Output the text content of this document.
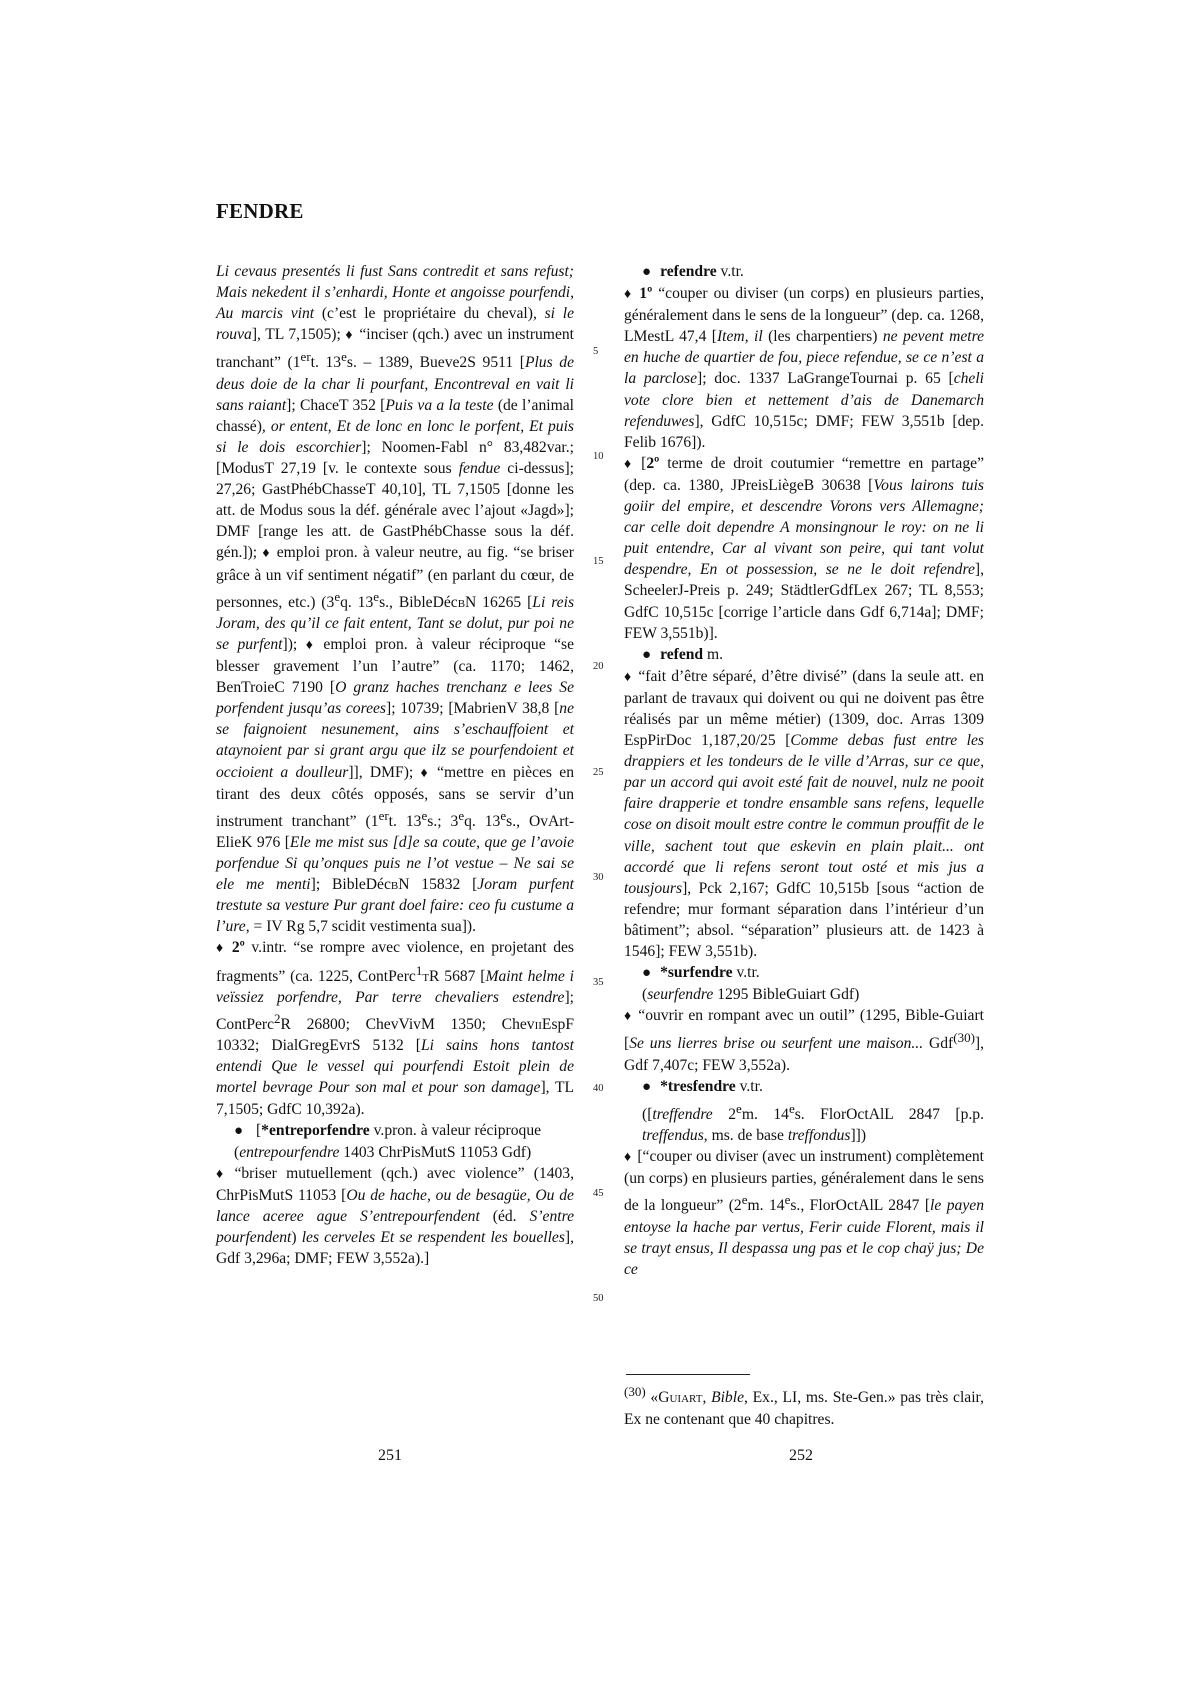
FENDRE

Li cevaus presentés li fust Sans contredit et sans refust; Mais nekedent il s’enhardi, Honte et angoisse pourfendi, Au marcis vint (c’est le propriétaire du cheval), si le rouva], TL 7,1505); ♦ “inciser (qch.) avec un instrument tranchant” (1ert. 13es. – 1389, Bueve2S 9511 [Plus de deus doie de la char li pourfant, Encontreval en vait li sans raiant]; ChaceT 352 [Puis va a la teste (de l’animal chassé), or entent, Et de lonc en lonc le porfent, Et puis si le dois escorchier]; Noomen-Fabl n° 83,482var.; [ModusT 27,19 [v. le contexte sous fendue ci-dessus]; 27,26; GastPhébChasseT 40,10], TL 7,1505 [donne les att. de Modus sous la déf. générale avec l’ajout «Jagd»]; DMF [range les att. de GastPhébChasse sous la déf. gén.]); ♦ emploi pron. à valeur neutre, au fig. “se briser grâce à un vif sentiment négatif” (en parlant du cœur, de personnes, etc.) (3eq. 13es., BibleDécbN 16265 [Li reis Joram, des qu’il ce fait entent, Tant se dolut, pur poi ne se purfent]); ♦ emploi pron. à valeur réciproque “se blesser gravement l’un l’autre” (ca. 1170; 1462, BenTroieC 7190 [O granz haches trenchanz e lees Se porfendent jusqu’as corees]; 10739; [MabrienV 38,8 [ne se faignoient nesunement, ains s’eschauffoient et ataynoient par si grant argu que ilz se pourfendoient et occioient a doulleur]], DMF); ♦ “mettre en pièces en tirant des deux côtés opposés, sans se servir d’un instrument tranchant” (1ert. 13es.; 3eq. 13es., OvArt-ElieK 976 [Ele me mist sus [d]e sa coute, que ge l’avoie porfendue Si qu’onques puis ne l’ot vestue – Ne sai se ele me menti]; BibleDécbN 15832 [Joram purfent trestute sa vesture Pur grant doel faire: ceo fu custume a l’ure, = IV Rg 5,7 scidit vestimenta sua]).

♦ 2º v.intr. “se rompre avec violence, en projetant des fragments” (ca. 1225, ContPerc$^1$tR 5687 [Maint helme i veïssiez porfendre, Par terre chevaliers estendre]; ContPerc$^2$R 26800; ChevVivM 1350; CheviiEspF 10332; DialGregEvrS 5132 [Li sains hons tantost entendi Que le vessel qui pourfendi Estoit plein de mortel bevrage Pour son mal et pour son damage], TL 7,1505; GdfC 10,392a).

● [*entreporfendre v.pron. à valeur réciproque

(entrepourfendre 1403 ChrPisMutS 11053 Gdf)

♦ “briser mutuellement (qch.) avec violence” (1403, ChrPisMutS 11053 [Ou de hache, ou de besagüe, Ou de lance aceree ague S’entrepourfendent (éd. S’entre pourfendent) les cerveles Et se respendent les bouelles], Gdf 3,296a; DMF; FEW 3,552a).]

5
10
15
20
25
30
35
40
45
50

● refendre v.tr.

♦ 1º “couper ou diviser (un corps) en plusieurs parties, généralement dans le sens de la longueur” (dep. ca. 1268, LMestL 47,4 [Item, il (les charpentiers) ne pevent metre en huche de quartier de fou, piece refendue, se ce n’est a la parclose]; doc. 1337 LaGrangeTournai p. 65 [cheli vote clore bien et nettement d’ais de Danemarch refenduwes], GdfC 10,515c; DMF; FEW 3,551b [dep. Felib 1676]).

♦ [2º terme de droit coutumier “remettre en partage” (dep. ca. 1380, JPreisLiègeB 30638 [Vous lairons tuis goiir del empire, et descendre Vorons vers Allemagne; car celle doit dependre A monsingnour le roy: on ne li puit entendre, Car al vivant son peire, qui tant volut despendre, En ot possession, se ne le doit refendre], ScheelerJ-Preis p. 249; StädtlerGdfLex 267; TL 8,553; GdfC 10,515c [corrige l’article dans Gdf 6,714a]; DMF; FEW 3,551b)].

● refend m.

♦ “fait d’être séparé, d’être divisé” (dans la seule att. en parlant de travaux qui doivent ou qui ne doivent pas être réalisés par un même métier) (1309, doc. Arras 1309 EspPirDoc 1,187,20/25 [Comme debas fust entre les drappiers et les tondeurs de le ville d’Arras, sur ce que, par un accord qui avoit esté fait de nouvel, nulz ne pooit faire drapperie et tondre ensamble sans refens, lequelle cose on disoit moult estre contre le commun prouffit de le ville, sachent tout que eskevin en plain plait... ont accordé que li refens seront tout osté et mis jus a tousjours], Pck 2,167; GdfC 10,515b [sous “action de refendre; mur formant séparation dans l’intérieur d’un bâtiment”; absol. “séparation” plusieurs att. de 1423 à 1546]; FEW 3,551b).

● *surfendre v.tr.

(seurfendre 1295 BibleGuiart Gdf)

♦ “ouvrir en rompant avec un outil” (1295, Bible-Guiart [Se uns lierres brise ou seurfent une maison... Gdf$^{(30)}$], Gdf 7,407c; FEW 3,552a).

● *tresfendre v.tr.

([treffendre 2em. 14es. FlorOctAlL 2847 [p.p. treffendus, ms. de base treffondus]])

♦ [“couper ou diviser (avec un instrument) complètement (un corps) en plusieurs parties, généralement dans le sens de la longueur” (2em. 14es., FlorOctAlL 2847 [le payen entoyse la hache par vertus, Ferir cuide Florent, mais il se trayt ensus, Il despassa ung pas et le cop chaÿ jus; De ce

$^{(30)}$ «Guiart, Bible, Ex., LI, ms. Ste-Gen.» pas très clair, Ex ne contenant que 40 chapitres.
251	252
